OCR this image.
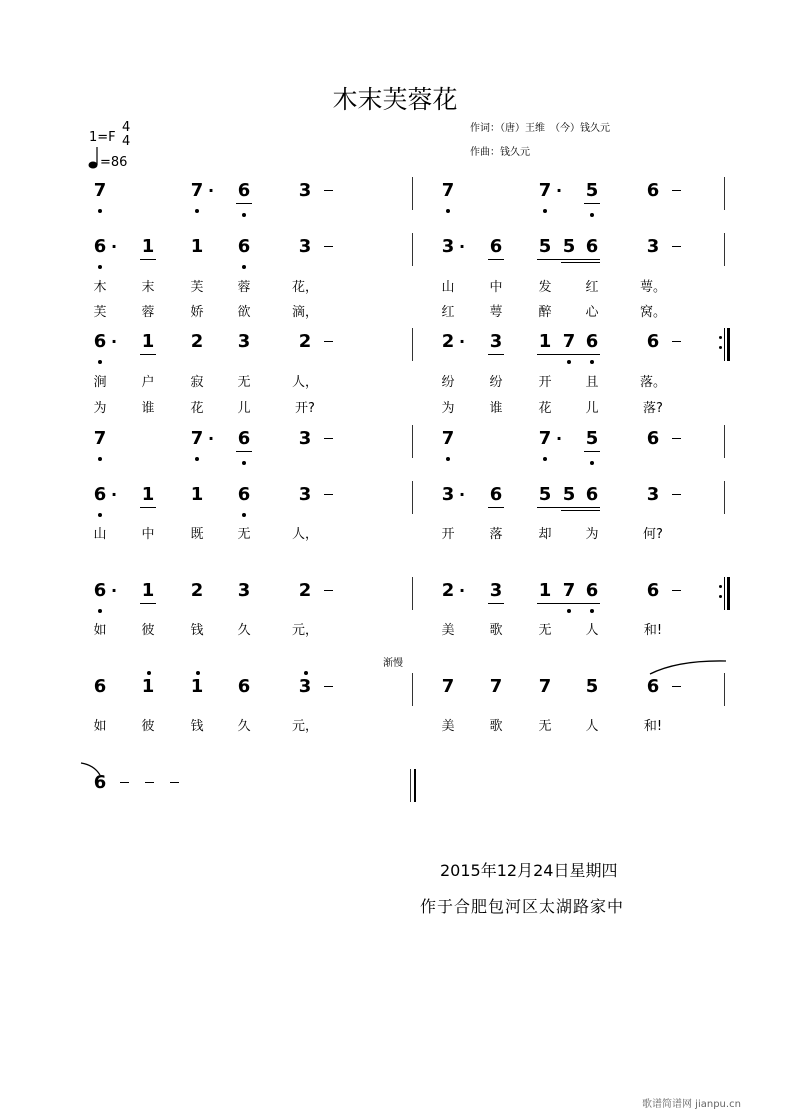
木末芙蓉花
作词：（唐）王维　（今）钱久元
作曲：钱久元
1=F
4
4
=86
7	7 · 6	3	7	7 · 5	6
6 · 1 1 6	3	3 · 6 5 5 6	3
木	末	芙	蓉	花，	山	中	发	红	萼。
芙	蓉	娇	欲	滴，	红	萼	醉	心	窝。
6 · 1 2 3	2	2 · 3 1 7 6	6
涧	户	寂	无	人，	纷	纷	开	且	落。
为	谁	花	儿	开?	为	谁	花	儿	落?
7	7 · 6	3	7	7 · 5	6
6 · 1 1 6	3	3 · 6 5 5 6	3
山	中	既	无	人，	开	落	却	为	何?
6 · 1 2 3	2	2 · 3 1 7 6	6
如	彼	钱	久	元，	美	歌	无	人	和!
渐慢
6 1 1 6	3	7 7 7 5	6
如	彼	钱	久	元，	美	歌	无	人	和!
6
2015年12月24日星期四
作于合肥包河区太湖路家中
歌谱简谱网 jianpu.cn
